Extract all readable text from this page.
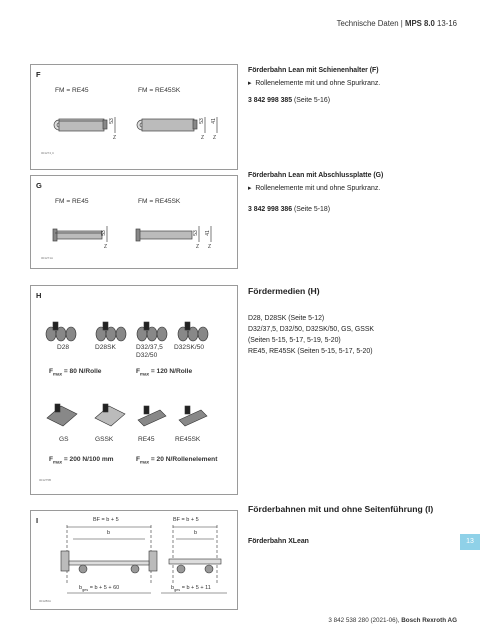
Technische Daten | MPS 8.0 13-16
F
FM = RE45	FM = RE45SK
53	53 41
Z	Z Z
001274¸C
G
FM = RE45	FM = RE45SK
53	53 41
Z	Z Z
001271A
H
D28	D28SK	D32/37,5
D32/50
D32SK/50
$F_{max} = 80$ N/Rolle	$F_{max} = 120$ N/Rolle
GS	GSSK	RE45	RE45SK
$F_{max} = 200$ N/100 mm	$F_{max} = 20$ N/Rollenelement
001275B
I	BF = b + 5
b
$b_{ges} = b + 5 + 60$
BF = b + 5
b
$b_{ges} = b + 5 + 11$
001280A
Förderbahn Lean mit Schienenhalter (F)
▸ Rollenelemente mit und ohne Spurkranz.
3 842 998 385 (Seite 5-16)
Förderbahn Lean mit Abschlussplatte (G)
▸ Rollenelemente mit und ohne Spurkranz.
3 842 998 386 (Seite 5-18)
Fördermedien (H)
D28, D28SK (Seite 5-12)
D32/37,5, D32/50, D32SK/50, GS, GSSK
(Seiten 5-15, 5-17, 5-19, 5-20)
RE45, RE45SK (Seiten 5-15, 5-17, 5-20)
Förderbahnen mit und ohne Seitenführung (I)
Förderbahn XLean	13
3 842 538 280 (2021-06), Bosch Rexroth AG
